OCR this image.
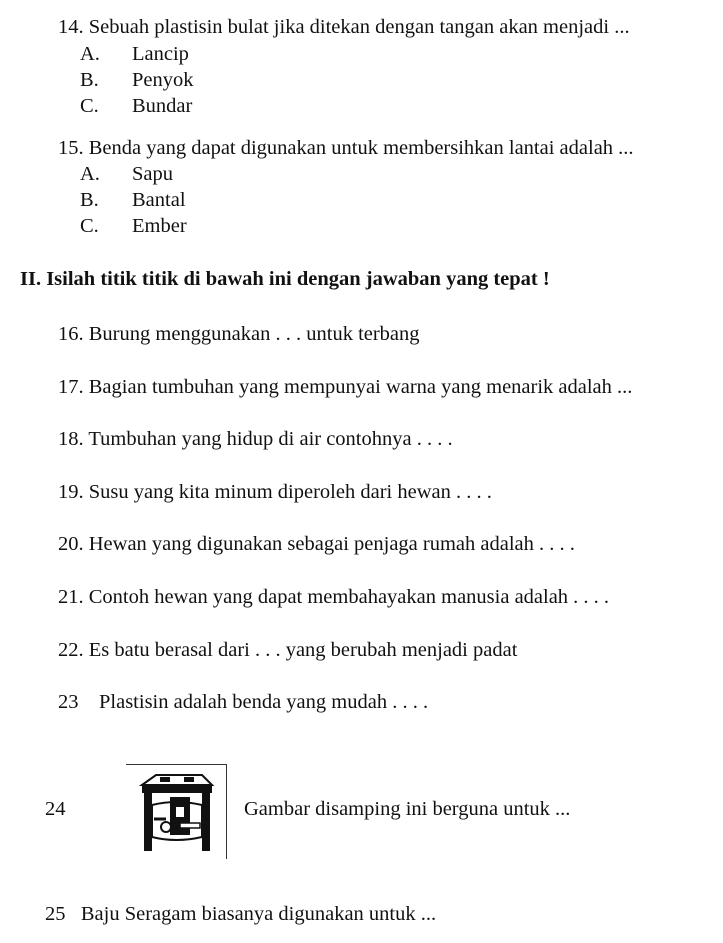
14. Sebuah plastisin bulat jika ditekan dengan tangan akan menjadi ...
A. Lancip
B. Penyok
C. Bundar
15. Benda yang dapat digunakan untuk membersihkan lantai adalah ...
A. Sapu
B. Bantal
C. Ember
II. Isilah titik titik di bawah ini dengan jawaban yang tepat !
16. Burung menggunakan . . . untuk terbang
17. Bagian tumbuhan yang mempunyai warna yang menarik adalah ...
18. Tumbuhan yang hidup di air contohnya . . . .
19. Susu yang kita minum diperoleh dari hewan . . . .
20. Hewan yang digunakan sebagai penjaga rumah adalah . . . .
21. Contoh hewan yang dapat membahayakan manusia adalah . . . .
22. Es batu berasal dari . . . yang berubah menjadi padat
23    Plastisin adalah benda yang mudah . . . .
24	Gambar disamping ini berguna untuk ...
25 Baju Seragam biasanya digunakan untuk ...
